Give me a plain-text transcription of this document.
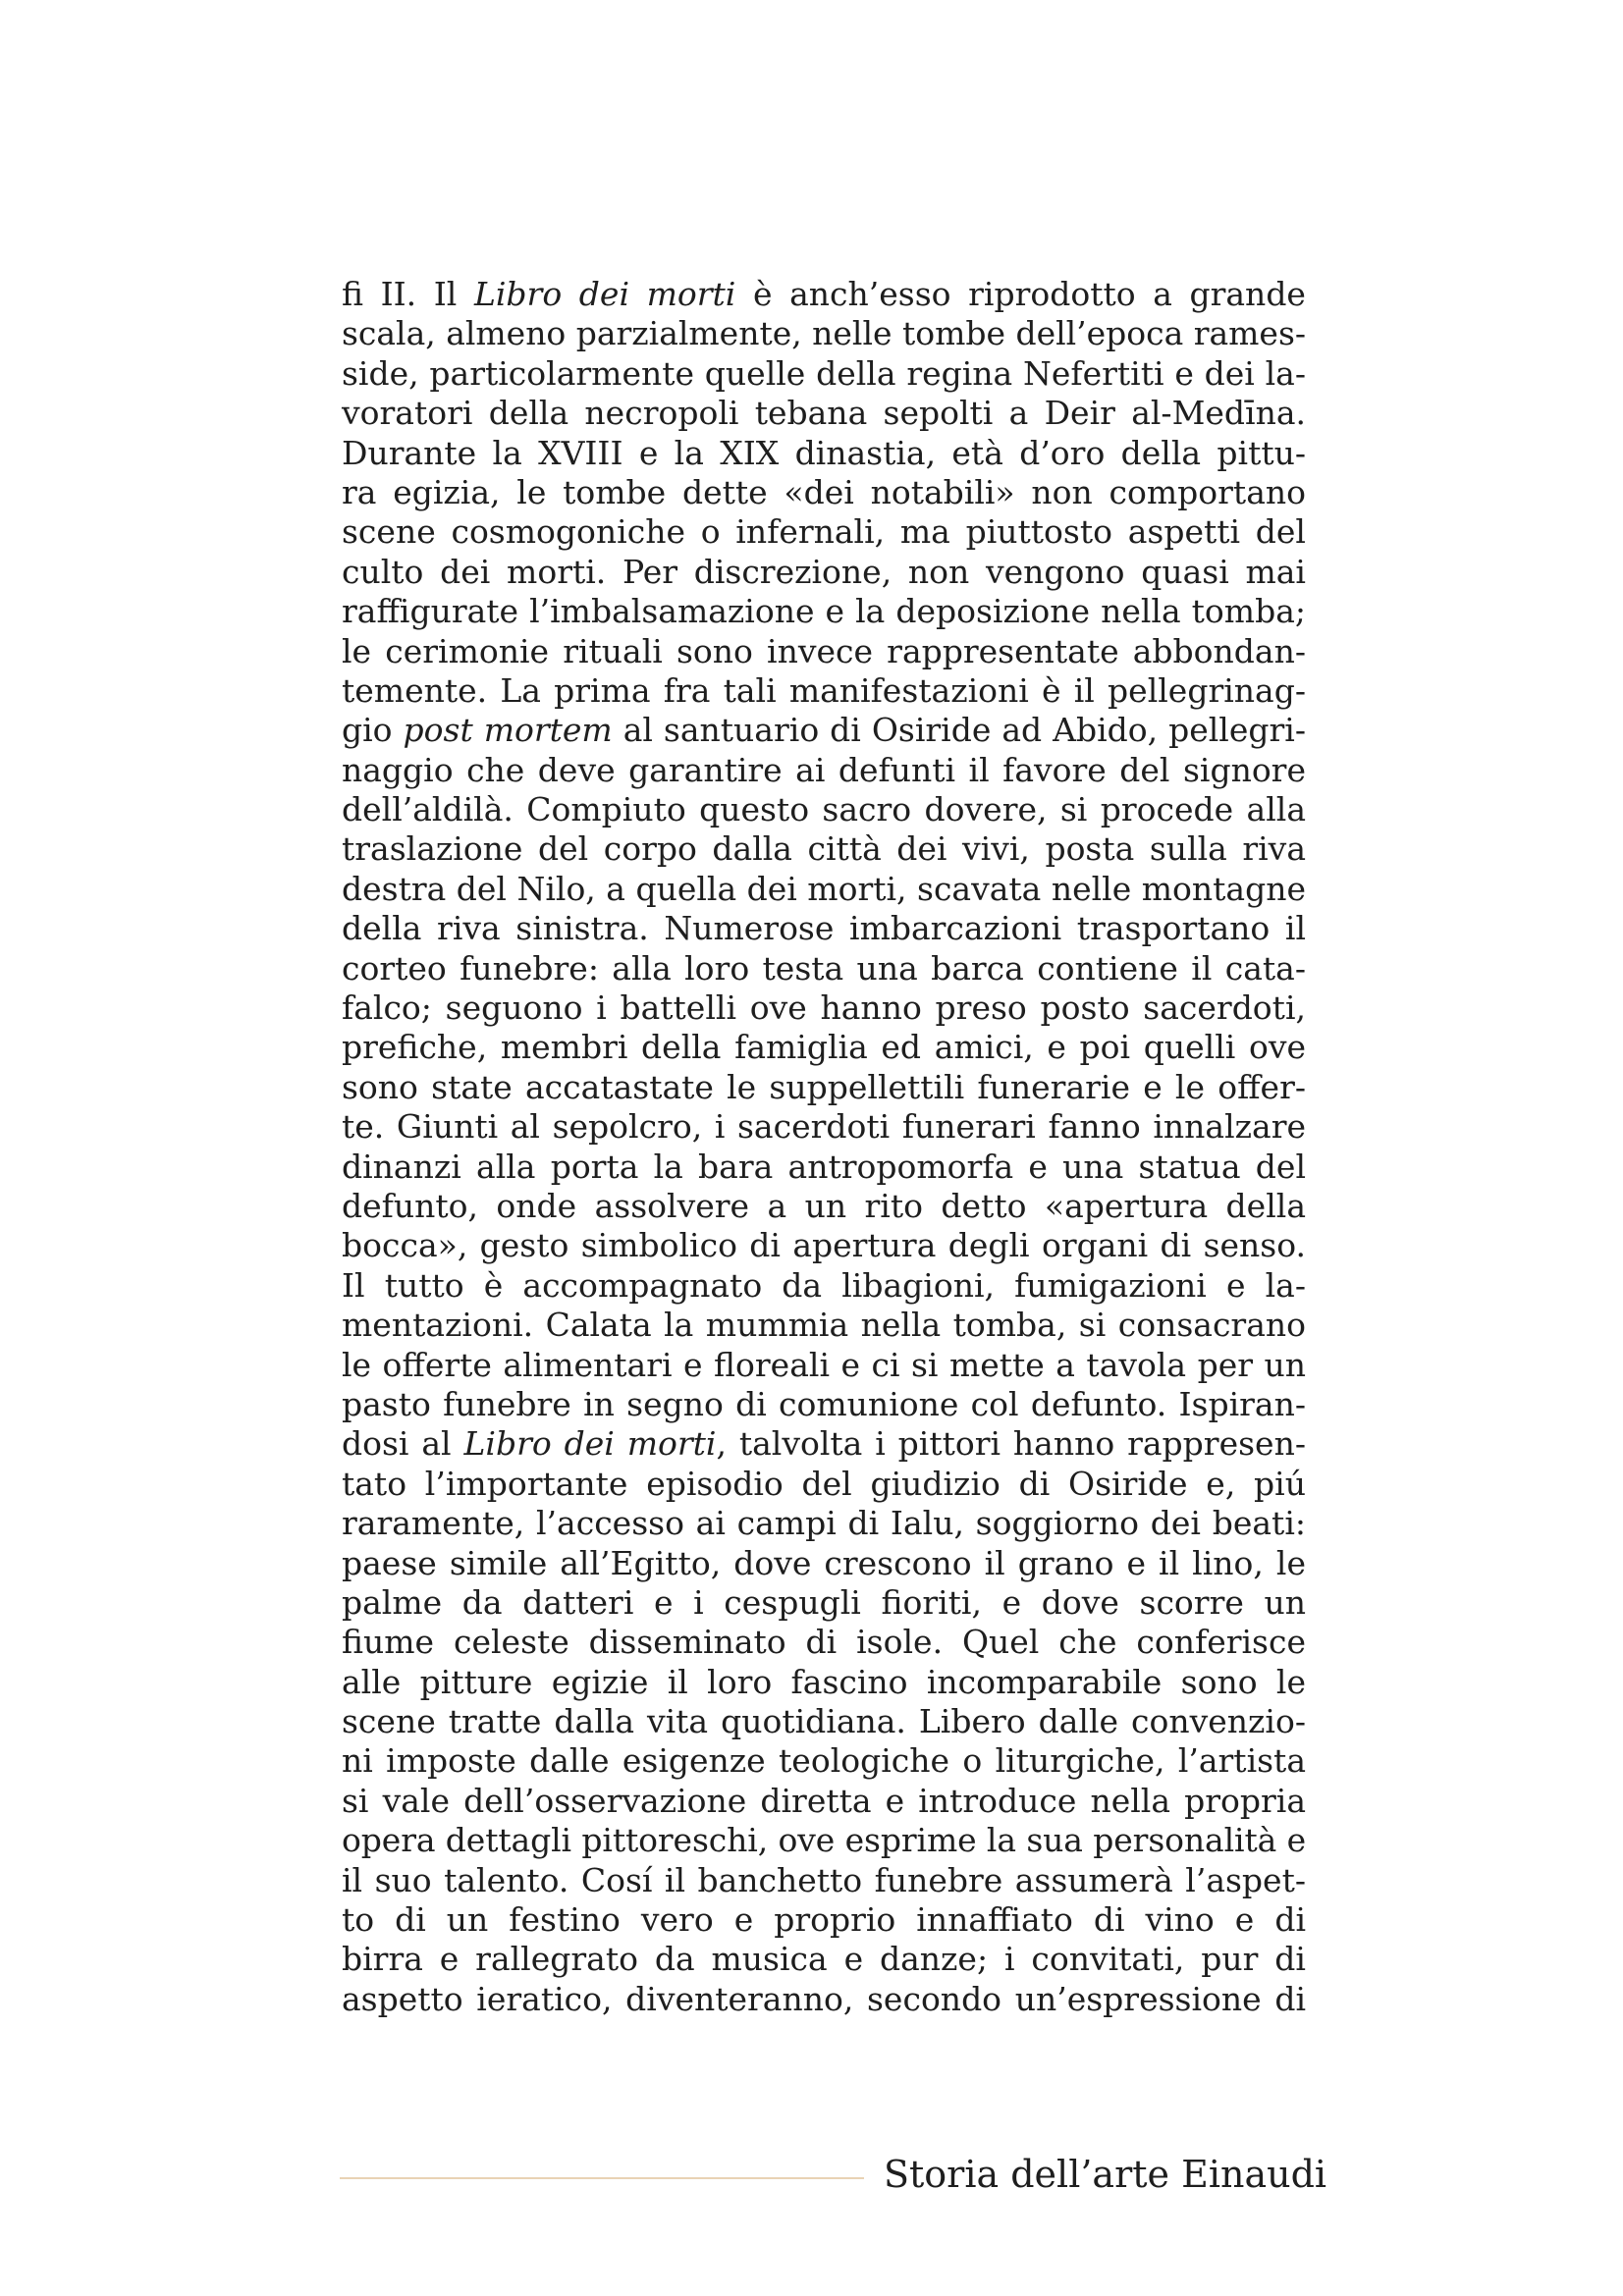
fi II. Il Libro dei morti è anch’esso riprodotto a grande
scala, almeno parzialmente, nelle tombe dell’epoca rames-
side, particolarmente quelle della regina Nefertiti e dei la-
voratori della necropoli tebana sepolti a Deir al-Medīna.
Durante la XVIII e la XIX dinastia, età d’oro della pittu-
ra egizia, le tombe dette «dei notabili» non comportano
scene cosmogoniche o infernali, ma piuttosto aspetti del
culto dei morti. Per discrezione, non vengono quasi mai
raffigurate l’imbalsamazione e la deposizione nella tomba;
le cerimonie rituali sono invece rappresentate abbondan-
temente. La prima fra tali manifestazioni è il pellegrinag-
gio post mortem al santuario di Osiride ad Abido, pellegri-
naggio che deve garantire ai defunti il favore del signore
dell’aldilà. Compiuto questo sacro dovere, si procede alla
traslazione del corpo dalla città dei vivi, posta sulla riva
destra del Nilo, a quella dei morti, scavata nelle montagne
della riva sinistra. Numerose imbarcazioni trasportano il
corteo funebre: alla loro testa una barca contiene il cata-
falco; seguono i battelli ove hanno preso posto sacerdoti,
prefiche, membri della famiglia ed amici, e poi quelli ove
sono state accatastate le suppellettili funerarie e le offer-
te. Giunti al sepolcro, i sacerdoti funerari fanno innalzare
dinanzi alla porta la bara antropomorfa e una statua del
defunto, onde assolvere a un rito detto «apertura della
bocca», gesto simbolico di apertura degli organi di senso.
Il tutto è accompagnato da libagioni, fumigazioni e la-
mentazioni. Calata la mummia nella tomba, si consacrano
le offerte alimentari e floreali e ci si mette a tavola per un
pasto funebre in segno di comunione col defunto. Ispiran-
dosi al Libro dei morti, talvolta i pittori hanno rappresen-
tato l’importante episodio del giudizio di Osiride e, piú
raramente, l’accesso ai campi di Ialu, soggiorno dei beati:
paese simile all’Egitto, dove crescono il grano e il lino, le
palme da datteri e i cespugli fioriti, e dove scorre un
fiume celeste disseminato di isole. Quel che conferisce
alle pitture egizie il loro fascino incomparabile sono le
scene tratte dalla vita quotidiana. Libero dalle convenzio-
ni imposte dalle esigenze teologiche o liturgiche, l’artista
si vale dell’osservazione diretta e introduce nella propria
opera dettagli pittoreschi, ove esprime la sua personalità e
il suo talento. Cosí il banchetto funebre assumerà l’aspet-
to di un festino vero e proprio innaffiato di vino e di
birra e rallegrato da musica e danze; i convitati, pur di
aspetto ieratico, diventeranno, secondo un’espressione di
Storia dell’arte Einaudi
